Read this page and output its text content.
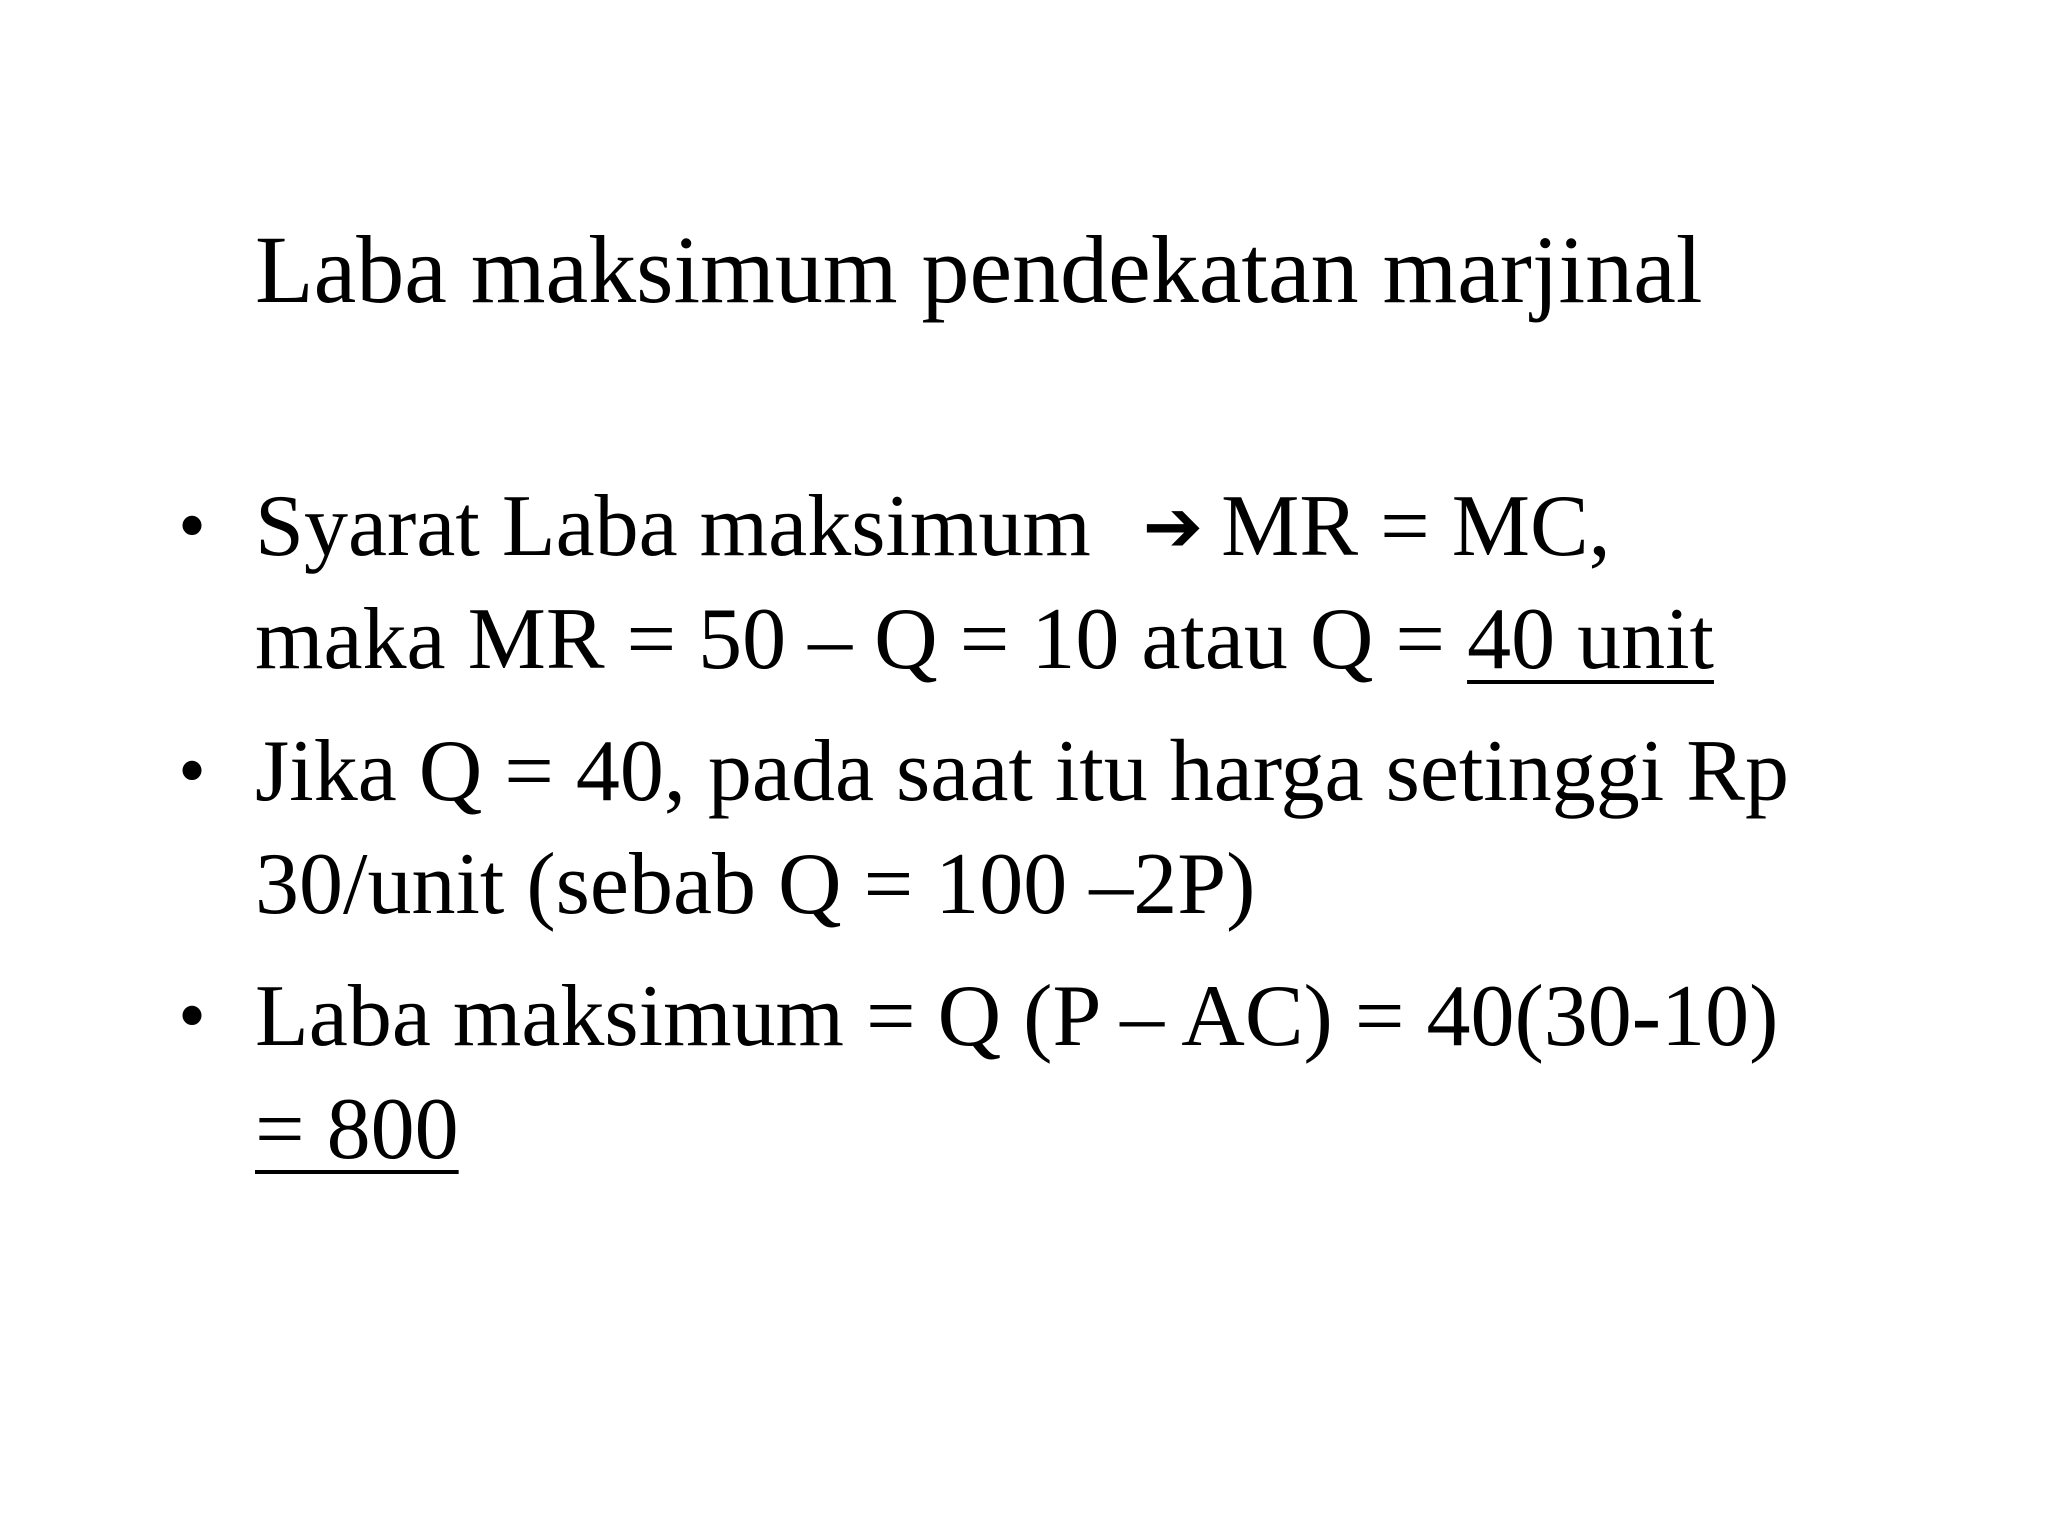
Laba maksimum pendekatan marjinal
• Syarat Laba maksimum ➔ MR = MC,
maka MR = 50 – Q = 10 atau Q = 40 unit
• Jika Q = 40, pada saat itu harga setinggi Rp
30/unit (sebab Q = 100 –2P)
• Laba maksimum = Q (P – AC) = 40(30-10)
= 800
